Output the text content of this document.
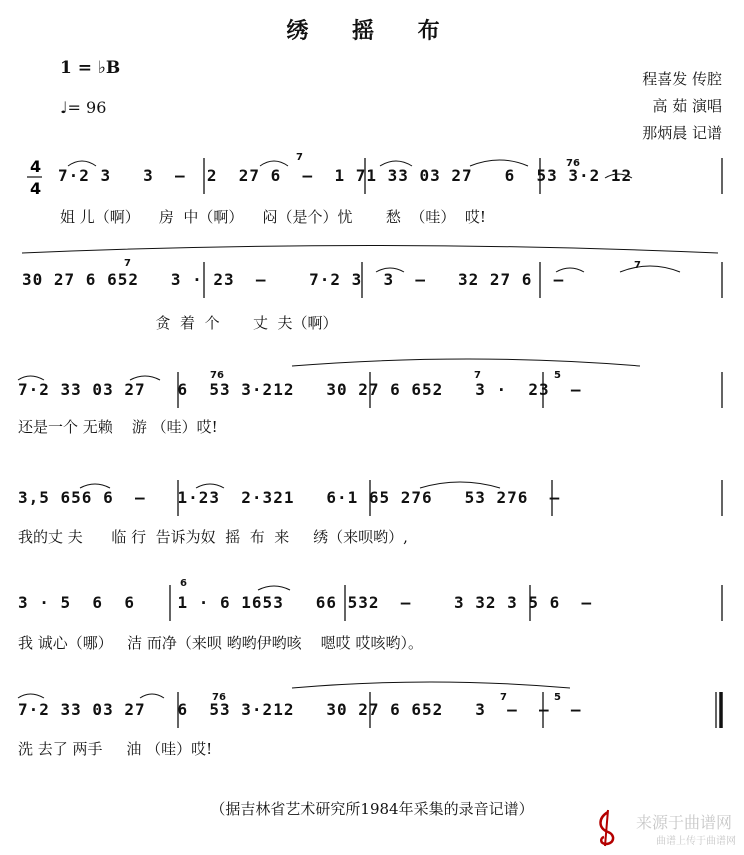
绣 摇 布
1 = ♭B
♩= 96
程喜发 传腔
高 茹 演唱
那炳晨 记谱
4
4
7
76
7	7
76	7	5
6
76	7	5
7·2 3   3  –  2  27 6  –  1 71 33 03 27   6  53 3·2 12
姐 儿（啊）    房  中（啊）    闷（是个）忧       愁  （哇）  哎!
30 27 6 652   3 · 23  –    7·2 3  3  –   32 27 6  –
贪  着  个       丈  夫（啊）
7·2 33 03 27   6  53 3·212   30 27 6 652   3 ·  23  –
还是一个 无赖    游 （哇）哎!
3,5 656 6  –   1·23  2·321   6·1 65 276   53 276  –
我的丈 夫      临 行  告诉为奴  摇  布  来     绣（来呗哟）,
3 · 5  6  6    1 · 6 1653   66 532  –    3 32 3 5 6  –
我 诚心（哪）   洁 而净（来呗 哟哟伊哟咳    嗯哎 哎咳哟）。
7·2 33 03 27   6  53 3·212   30 27 6 652   3  –  –  –
洗 去了 两手     油 （哇）哎!
（据吉林省艺术研究所1984年采集的录音记谱）
来源于曲谱网
曲谱上传于曲谱网
